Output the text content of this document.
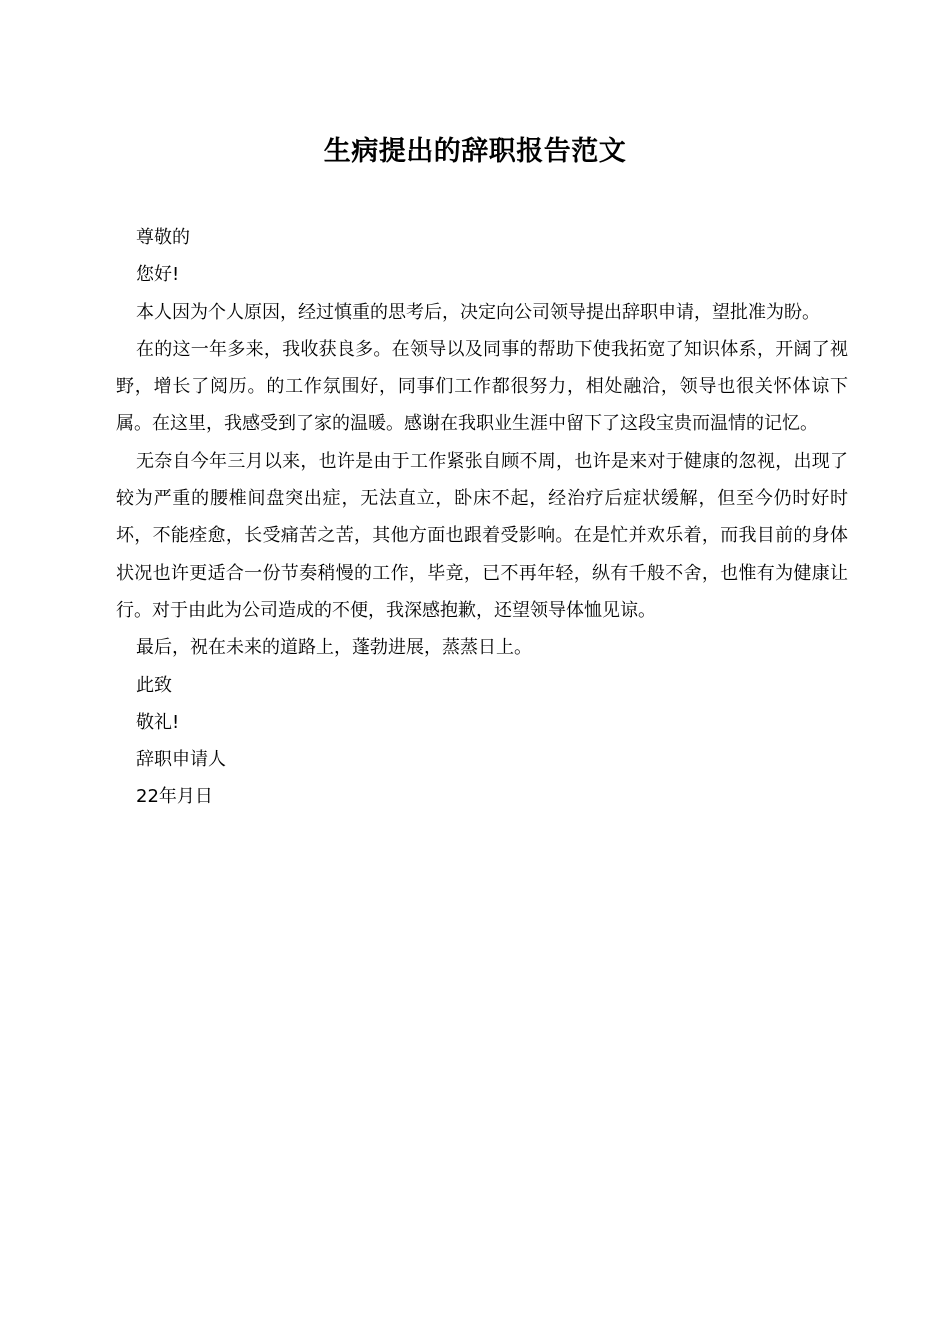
生病提出的辞职报告范文

尊敬的

您好!

本人因为个人原因，经过慎重的思考后，决定向公司领导提出辞职申请，望批准为盼。

在的这一年多来，我收获良多。在领导以及同事的帮助下使我拓宽了知识体系，开阔了视野，增长了阅历。的工作氛围好，同事们工作都很努力，相处融洽，领导也很关怀体谅下属。在这里，我感受到了家的温暖。感谢在我职业生涯中留下了这段宝贵而温情的记忆。

无奈自今年三月以来，也许是由于工作紧张自顾不周，也许是来对于健康的忽视，出现了较为严重的腰椎间盘突出症，无法直立，卧床不起，经治疗后症状缓解，但至今仍时好时坏，不能痊愈，长受痛苦之苦，其他方面也跟着受影响。在是忙并欢乐着，而我目前的身体状况也许更适合一份节奏稍慢的工作，毕竟，已不再年轻，纵有千般不舍，也惟有为健康让行。对于由此为公司造成的不便，我深感抱歉，还望领导体恤见谅。

最后，祝在未来的道路上，蓬勃进展，蒸蒸日上。

此致

敬礼!

辞职申请人

22年月日
